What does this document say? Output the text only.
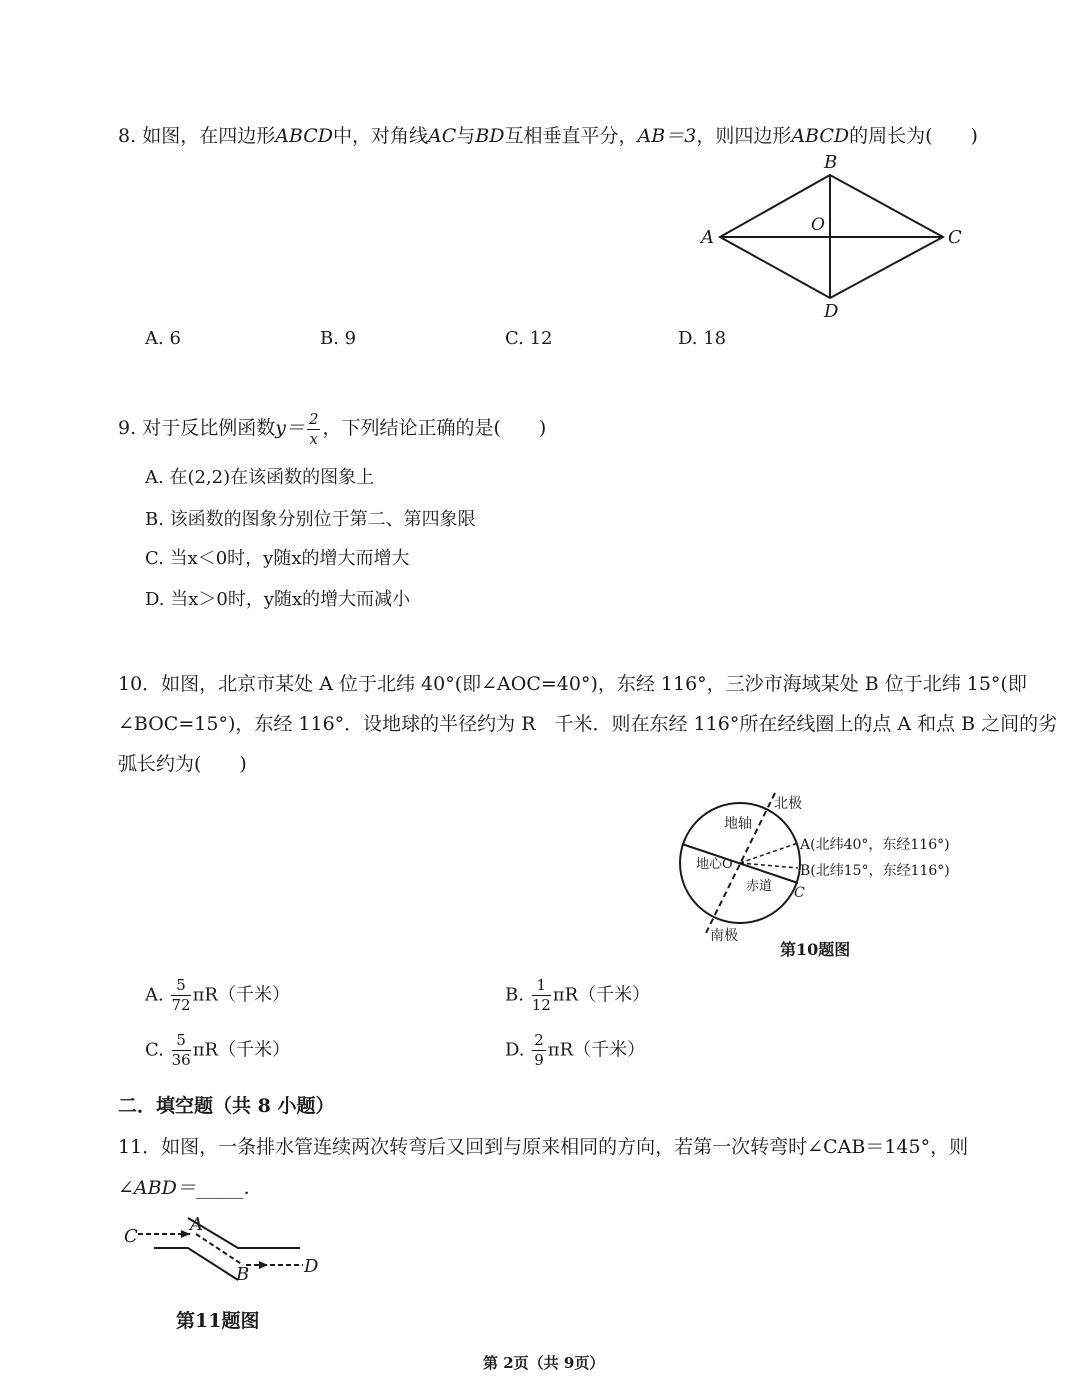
8. 如图，在四边形ABCD中，对角线AC与BD互相垂直平分，AB＝3，则四边形ABCD的周长为(　　)
B
A	C
D
O
A. 6	B. 9	C. 12	D. 18
9. 对于反比例函数$y= \frac{2}{x}$ ，下列结论正确的是(　　)
A. 在(2,2)在该函数的图象上
B. 该函数的图象分别位于第二、第四象限
C. 当x＜0时，y随x的增大而增大
D. 当x＞0时，y随x的增大而减小
10．如图，北京市某处 A 位于北纬 40°(即∠AOC=40°)，东经 116°，三沙市海域某处 B 位于北纬 15°(即
∠BOC=15°)，东经 116°．设地球的半径约为 R　千米．则在东经 116°所在经线圈上的点 A 和点 B 之间的劣
弧长约为(　　)
北极
南极
地轴
地心O
赤道
A(北纬40°，东经116°)
B(北纬15°，东经116°)
C
第10题图
A. $\frac{5}{72} \pi R$（千米）	B. $\frac{1}{12} \pi R$（千米）
C. $\frac{5}{36} \pi R$（千米）	D. $\frac{2}{9} \pi R$（千米）
二．填空题（共 8 小题）
11．如图，一条排水管连续两次转弯后又回到与原来相同的方向，若第一次转弯时∠CAB＝145°，则
∠ABD＝_____．
C
A
B	D
第11题图
第 2页（共 9页）
